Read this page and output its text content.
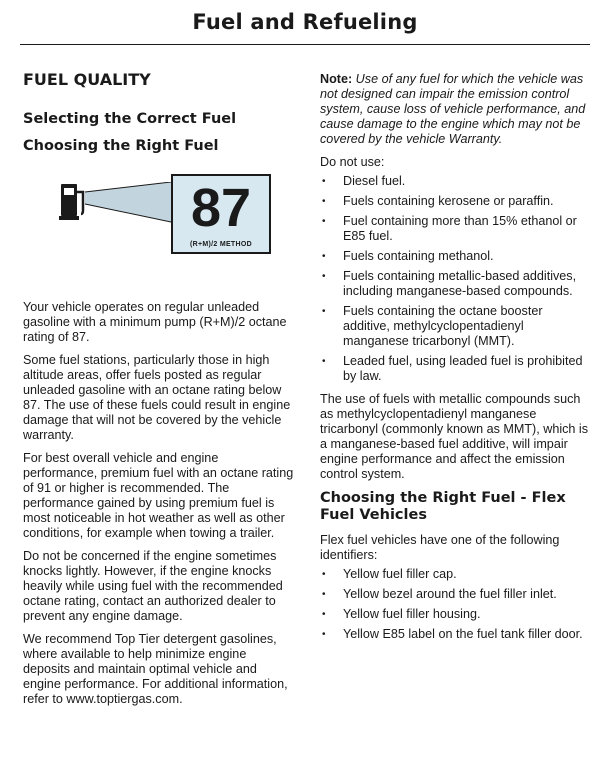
Fuel and Refueling
FUEL QUALITY
Selecting the Correct Fuel
Choosing the Right Fuel
87
(R+M)/2 METHOD

Your vehicle operates on regular unleaded gasoline with a minimum pump (R+M)/2 octane rating of 87.

Some fuel stations, particularly those in high altitude areas, offer fuels posted as regular unleaded gasoline with an octane rating below 87. The use of these fuels could result in engine damage that will not be covered by the vehicle warranty.

For best overall vehicle and engine performance, premium fuel with an octane rating of 91 or higher is recommended. The performance gained by using premium fuel is most noticeable in hot weather as well as other conditions, for example when towing a trailer.

Do not be concerned if the engine sometimes knocks lightly. However, if the engine knocks heavily while using fuel with the recommended octane rating, contact an authorized dealer to prevent any engine damage.

We recommend Top Tier detergent gasolines, where available to help minimize engine deposits and maintain optimal vehicle and engine performance. For additional information, refer to www.toptiergas.com.

Note: Use of any fuel for which the vehicle was not designed can impair the emission control system, cause loss of vehicle performance, and cause damage to the engine which may not be covered by the vehicle Warranty.

Do not use:

• Diesel fuel.
• Fuels containing kerosene or paraffin.
• Fuel containing more than 15% ethanol or E85 fuel.
• Fuels containing methanol.
• Fuels containing metallic-based additives, including manganese-based compounds.
• Fuels containing the octane booster additive, methylcyclopentadienyl manganese tricarbonyl (MMT).
• Leaded fuel, using leaded fuel is prohibited by law.

The use of fuels with metallic compounds such as methylcyclopentadienyl manganese tricarbonyl (commonly known as MMT), which is a manganese-based fuel additive, will impair engine performance and affect the emission control system.

Choosing the Right Fuel - Flex Fuel Vehicles

Flex fuel vehicles have one of the following identifiers:

• Yellow fuel filler cap.
• Yellow bezel around the fuel filler inlet.
• Yellow fuel filler housing.
• Yellow E85 label on the fuel tank filler door.
